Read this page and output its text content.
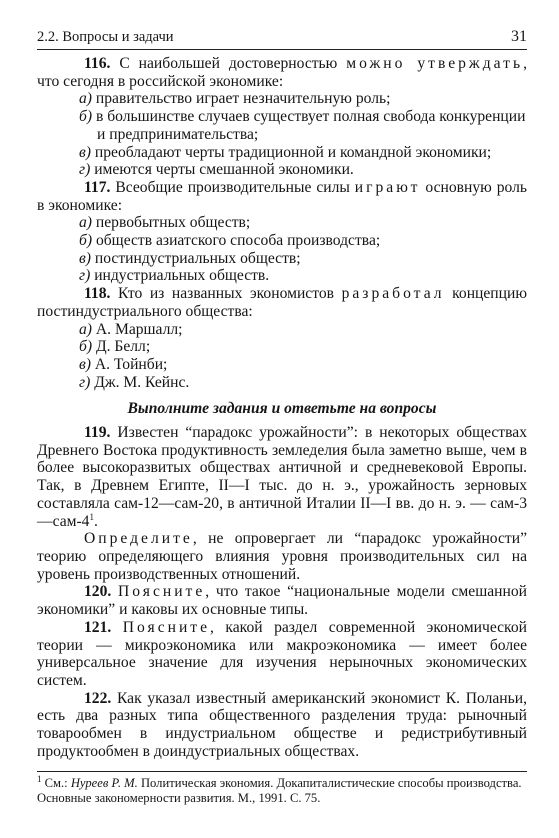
2.2. Вопросы и задачи	31

116. С наибольшей достоверностью можно утверждать, что сегодня в российской экономике:

а) правительство играет незначительную роль;

б) в большинстве случаев существует полная свобода конкуренции и предпринимательства;

в) преобладают черты традиционной и командной экономики;

г) имеются черты смешанной экономики.

117. Всеобщие производительные силы играют основную роль в экономике:

а) первобытных обществ;

б) обществ азиатского способа производства;

в) постиндустриальных обществ;

г) индустриальных обществ.

118. Кто из названных экономистов разработал концепцию постиндустриального общества:

а) А. Маршалл;

б) Д. Белл;

в) А. Тойнби;

г) Дж. М. Кейнс.

Выполните задания и ответьте на вопросы

119. Известен “парадокс урожайности”: в некоторых обществах Древнего Востока продуктивность земледелия была заметно выше, чем в более высокоразвитых обществах античной и средневековой Европы. Так, в Древнем Египте, II—I тыс. до н. э., урожайность зерновых составляла сам-12—сам-20, в античной Италии II—I вв. до н. э. — сам-$3—сам-4^1$.

Определите, не опровергает ли “парадокс урожайности” теорию определяющего влияния уровня производительных сил на уровень производственных отношений.

120. Поясните, что такое “национальные модели смешанной экономики” и каковы их основные типы.

121. Поясните, какой раздел современной экономической теории — микроэкономика или макроэкономика — имеет более универсальное значение для изучения нерыночных экономических систем.

122. Как указал известный американский экономист К. Поланьи, есть два разных типа общественного разделения труда: рыночный товарообмен в индустриальном обществе и редистрибутивный продуктообмен в доиндустриальных обществах.

$^1$ См.: Нуреев Р. М. Политическая экономия. Докапиталистические способы производства. Основные закономерности развития. М., 1991. С. 75.
